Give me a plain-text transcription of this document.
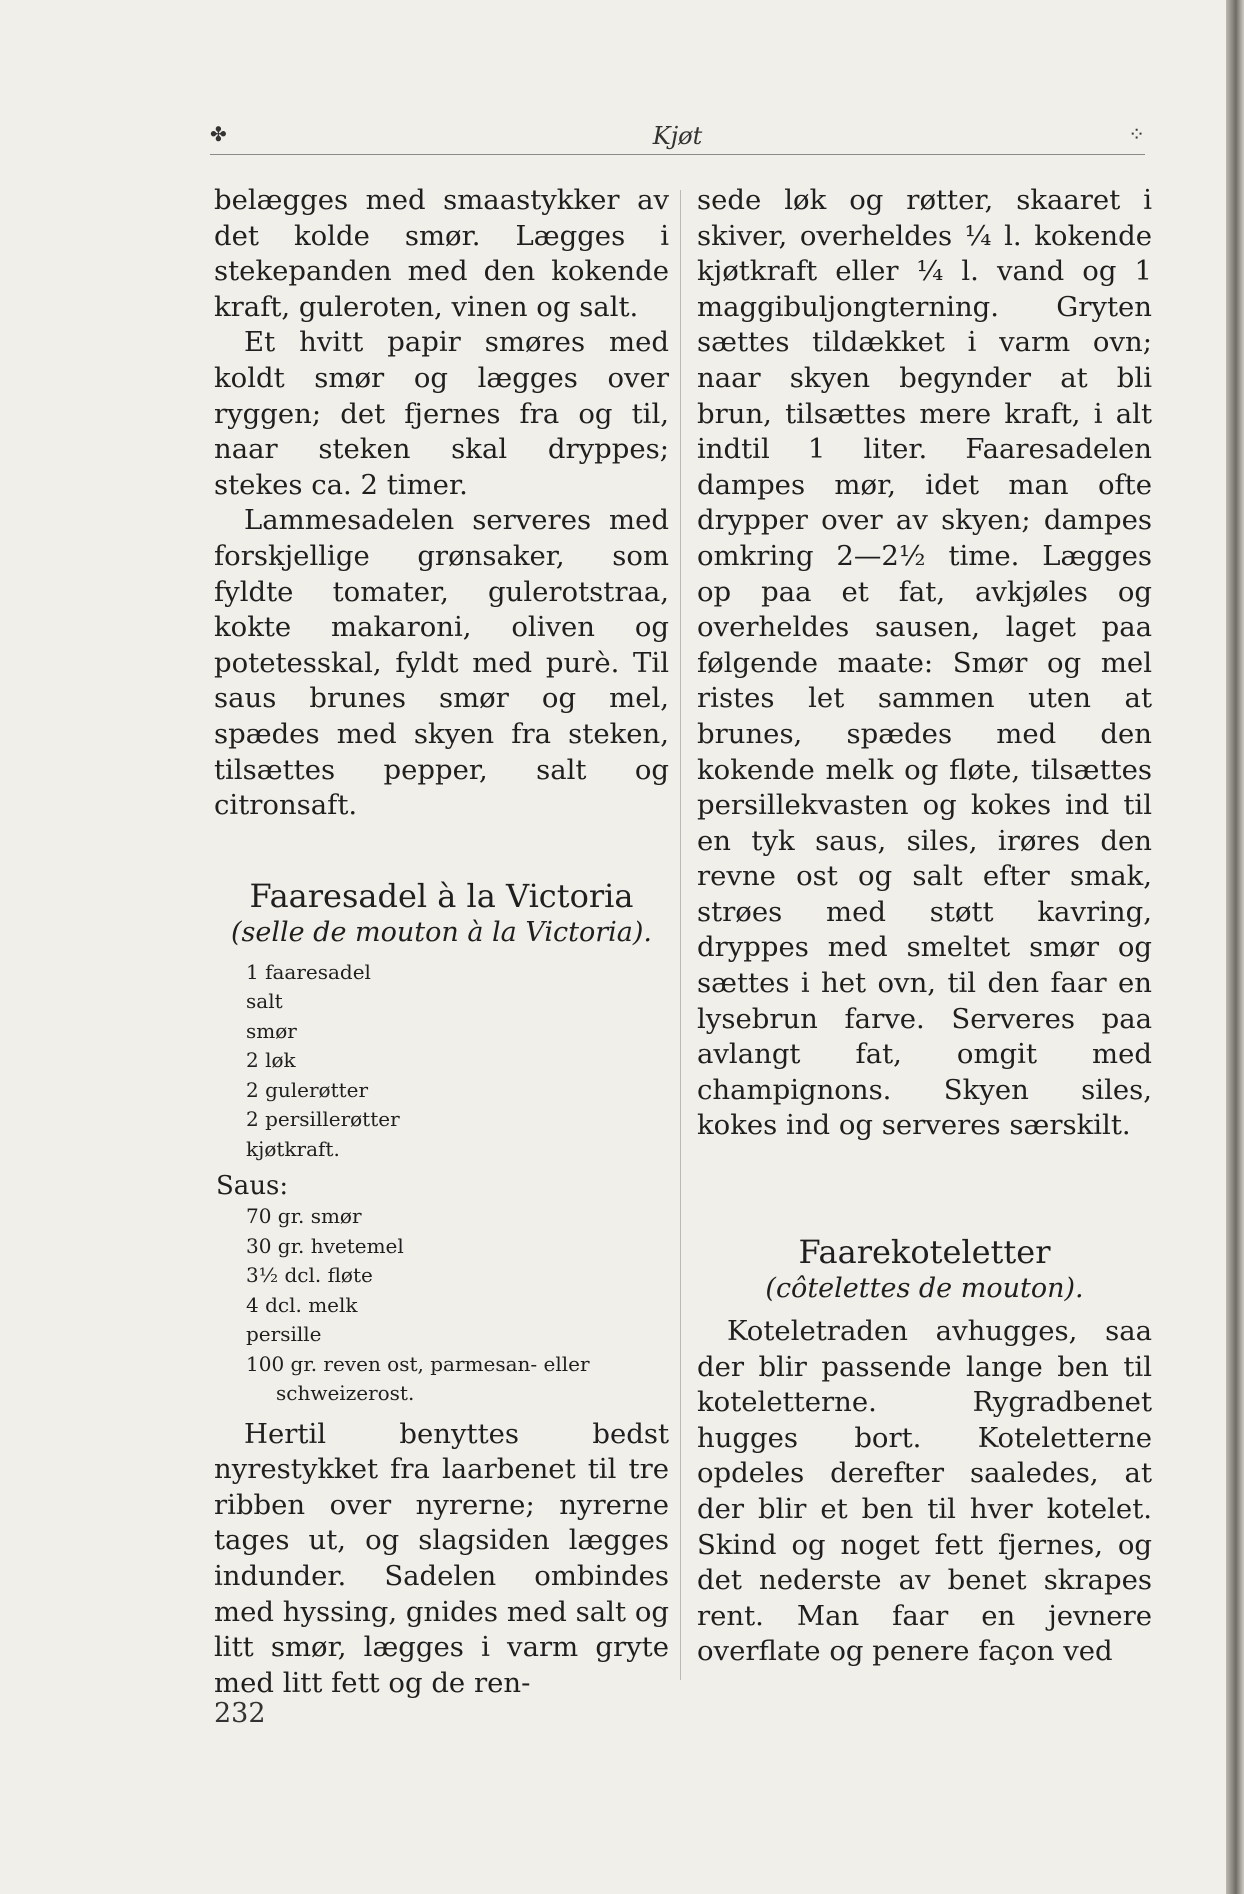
✤	Kjøt	⁘

belægges med smaastykker av det kolde smør. Lægges i stekepanden med den kokende kraft, guleroten, vinen og salt.

Et hvitt papir smøres med koldt smør og lægges over ryggen; det fjernes fra og til, naar steken skal dryppes; stekes ca. 2 timer.

Lammesadelen serveres med forskjellige grønsaker, som fyldte tomater, gulerotstraa, kokte makaroni, oliven og potetesskal, fyldt med purè. Til saus brunes smør og mel, spædes med skyen fra steken, tilsættes pepper, salt og citronsaft.

Faaresadel à la Victoria
(selle de mouton à la Victoria).
1 faaresadel
salt
smør
2 løk
2 gulerøtter
2 persillerøtter
kjøtkraft.
Saus:
70 gr. smør
30 gr. hvetemel
3½ dcl. fløte
4 dcl. melk
persille
100 gr. reven ost, parmesan- eller schweizerost.

Hertil benyttes bedst nyrestykket fra laarbenet til tre ribben over nyrerne; nyrerne tages ut, og slagsiden lægges indunder. Sadelen ombindes med hyssing, gnides med salt og litt smør, lægges i varm gryte med litt fett og de ren-

sede løk og røtter, skaaret i skiver, overheldes ¼ l. kokende kjøtkraft eller ¼ l. vand og 1 maggibuljongterning. Gryten sættes tildækket i varm ovn; naar skyen begynder at bli brun, tilsættes mere kraft, i alt indtil 1 liter. Faaresadelen dampes mør, idet man ofte drypper over av skyen; dampes omkring 2—2½ time. Lægges op paa et fat, avkjøles og overheldes sausen, laget paa følgende maate: Smør og mel ristes let sammen uten at brunes, spædes med den kokende melk og fløte, tilsættes persillekvasten og kokes ind til en tyk saus, siles, irøres den revne ost og salt efter smak, strøes med støtt kavring, dryppes med smeltet smør og sættes i het ovn, til den faar en lysebrun farve. Serveres paa avlangt fat, omgit med champignons. Skyen siles, kokes ind og serveres særskilt.

Faarekoteletter
(côtelettes de mouton).

Koteletraden avhugges, saa der blir passende lange ben til koteletterne. Rygradbenet hugges bort. Koteletterne opdeles derefter saaledes, at der blir et ben til hver kotelet. Skind og noget fett fjernes, og det nederste av benet skrapes rent. Man faar en jevnere overflate og penere façon ved

232
